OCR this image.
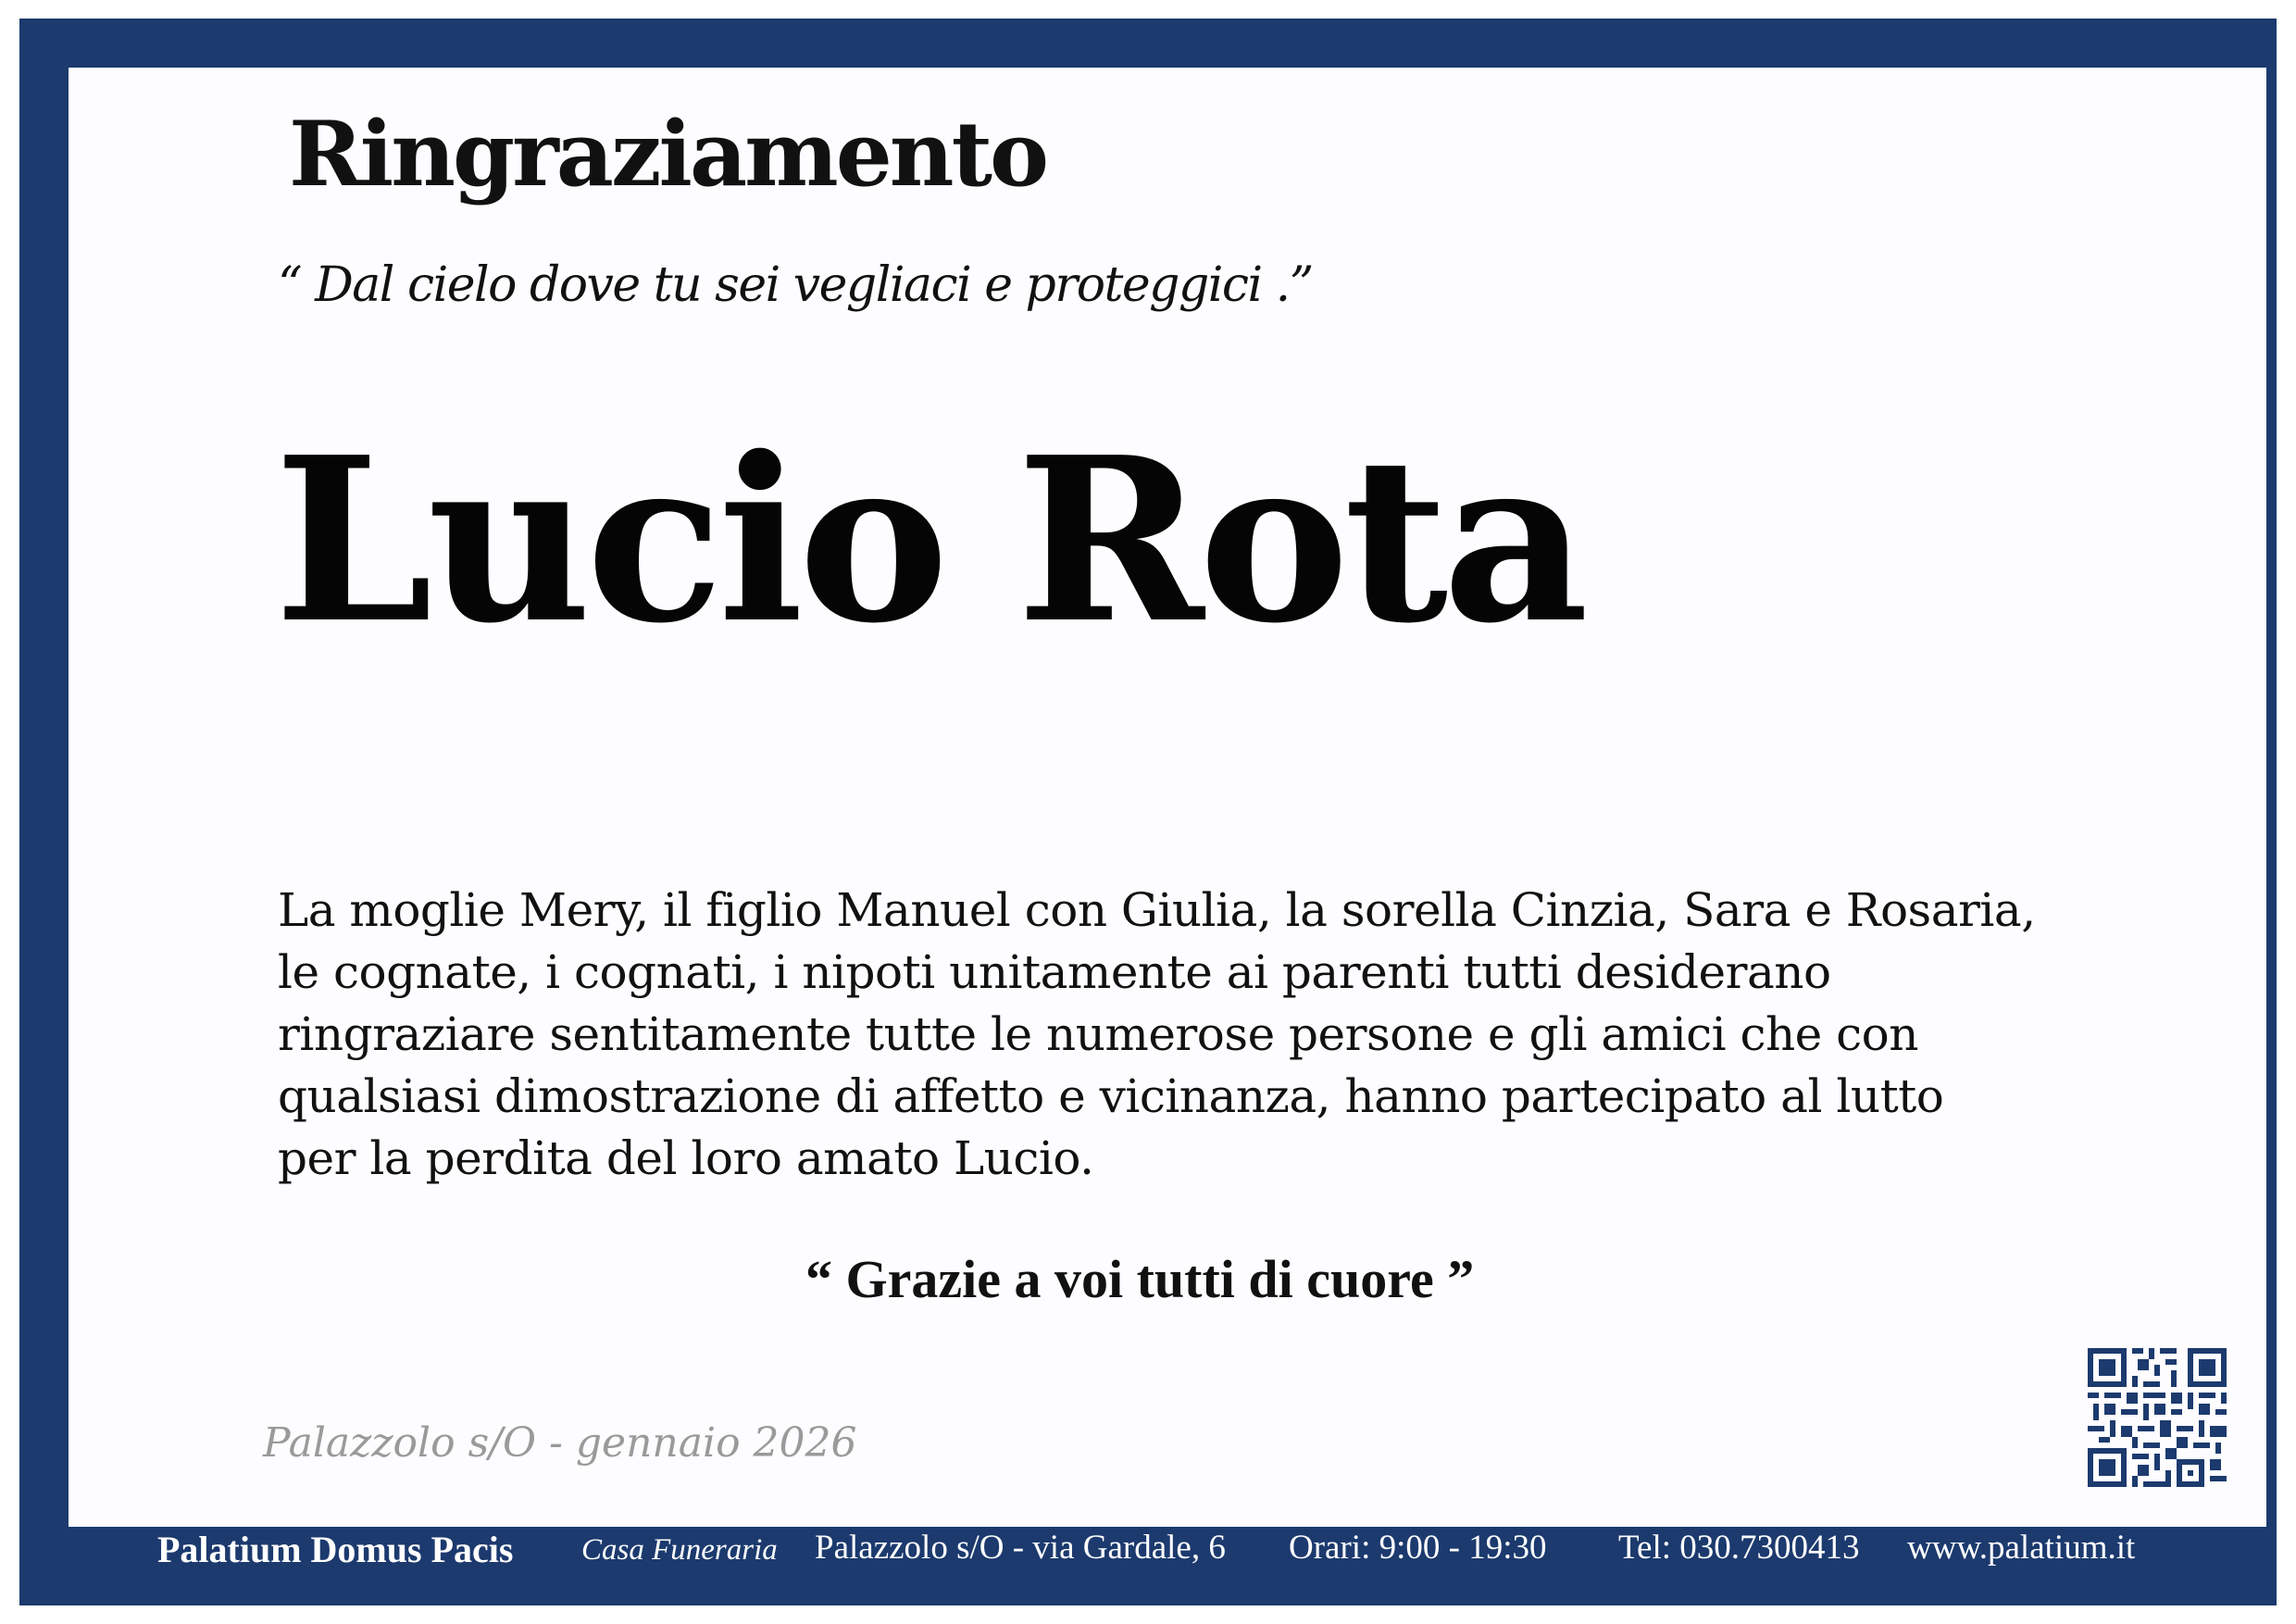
Ringraziamento
“ Dal cielo dove tu sei vegliaci e proteggici .”
Lucio Rota
La moglie Mery, il figlio Manuel con Giulia, la sorella Cinzia, Sara e Rosaria,
le cognate, i cognati, i nipoti unitamente ai parenti tutti desiderano
ringraziare sentitamente tutte le numerose persone e gli amici che con
qualsiasi dimostrazione di affetto e vicinanza, hanno partecipato al lutto
per la perdita del loro amato Lucio.
“ Grazie a voi tutti di cuore ”
Palazzolo s/O - gennaio 2026
Palatium Domus Pacis Casa Funeraria Palazzolo s/O - via Gardale, 6 Orari: 9:00 - 19:30 Tel: 030.7300413 www.palatium.it
